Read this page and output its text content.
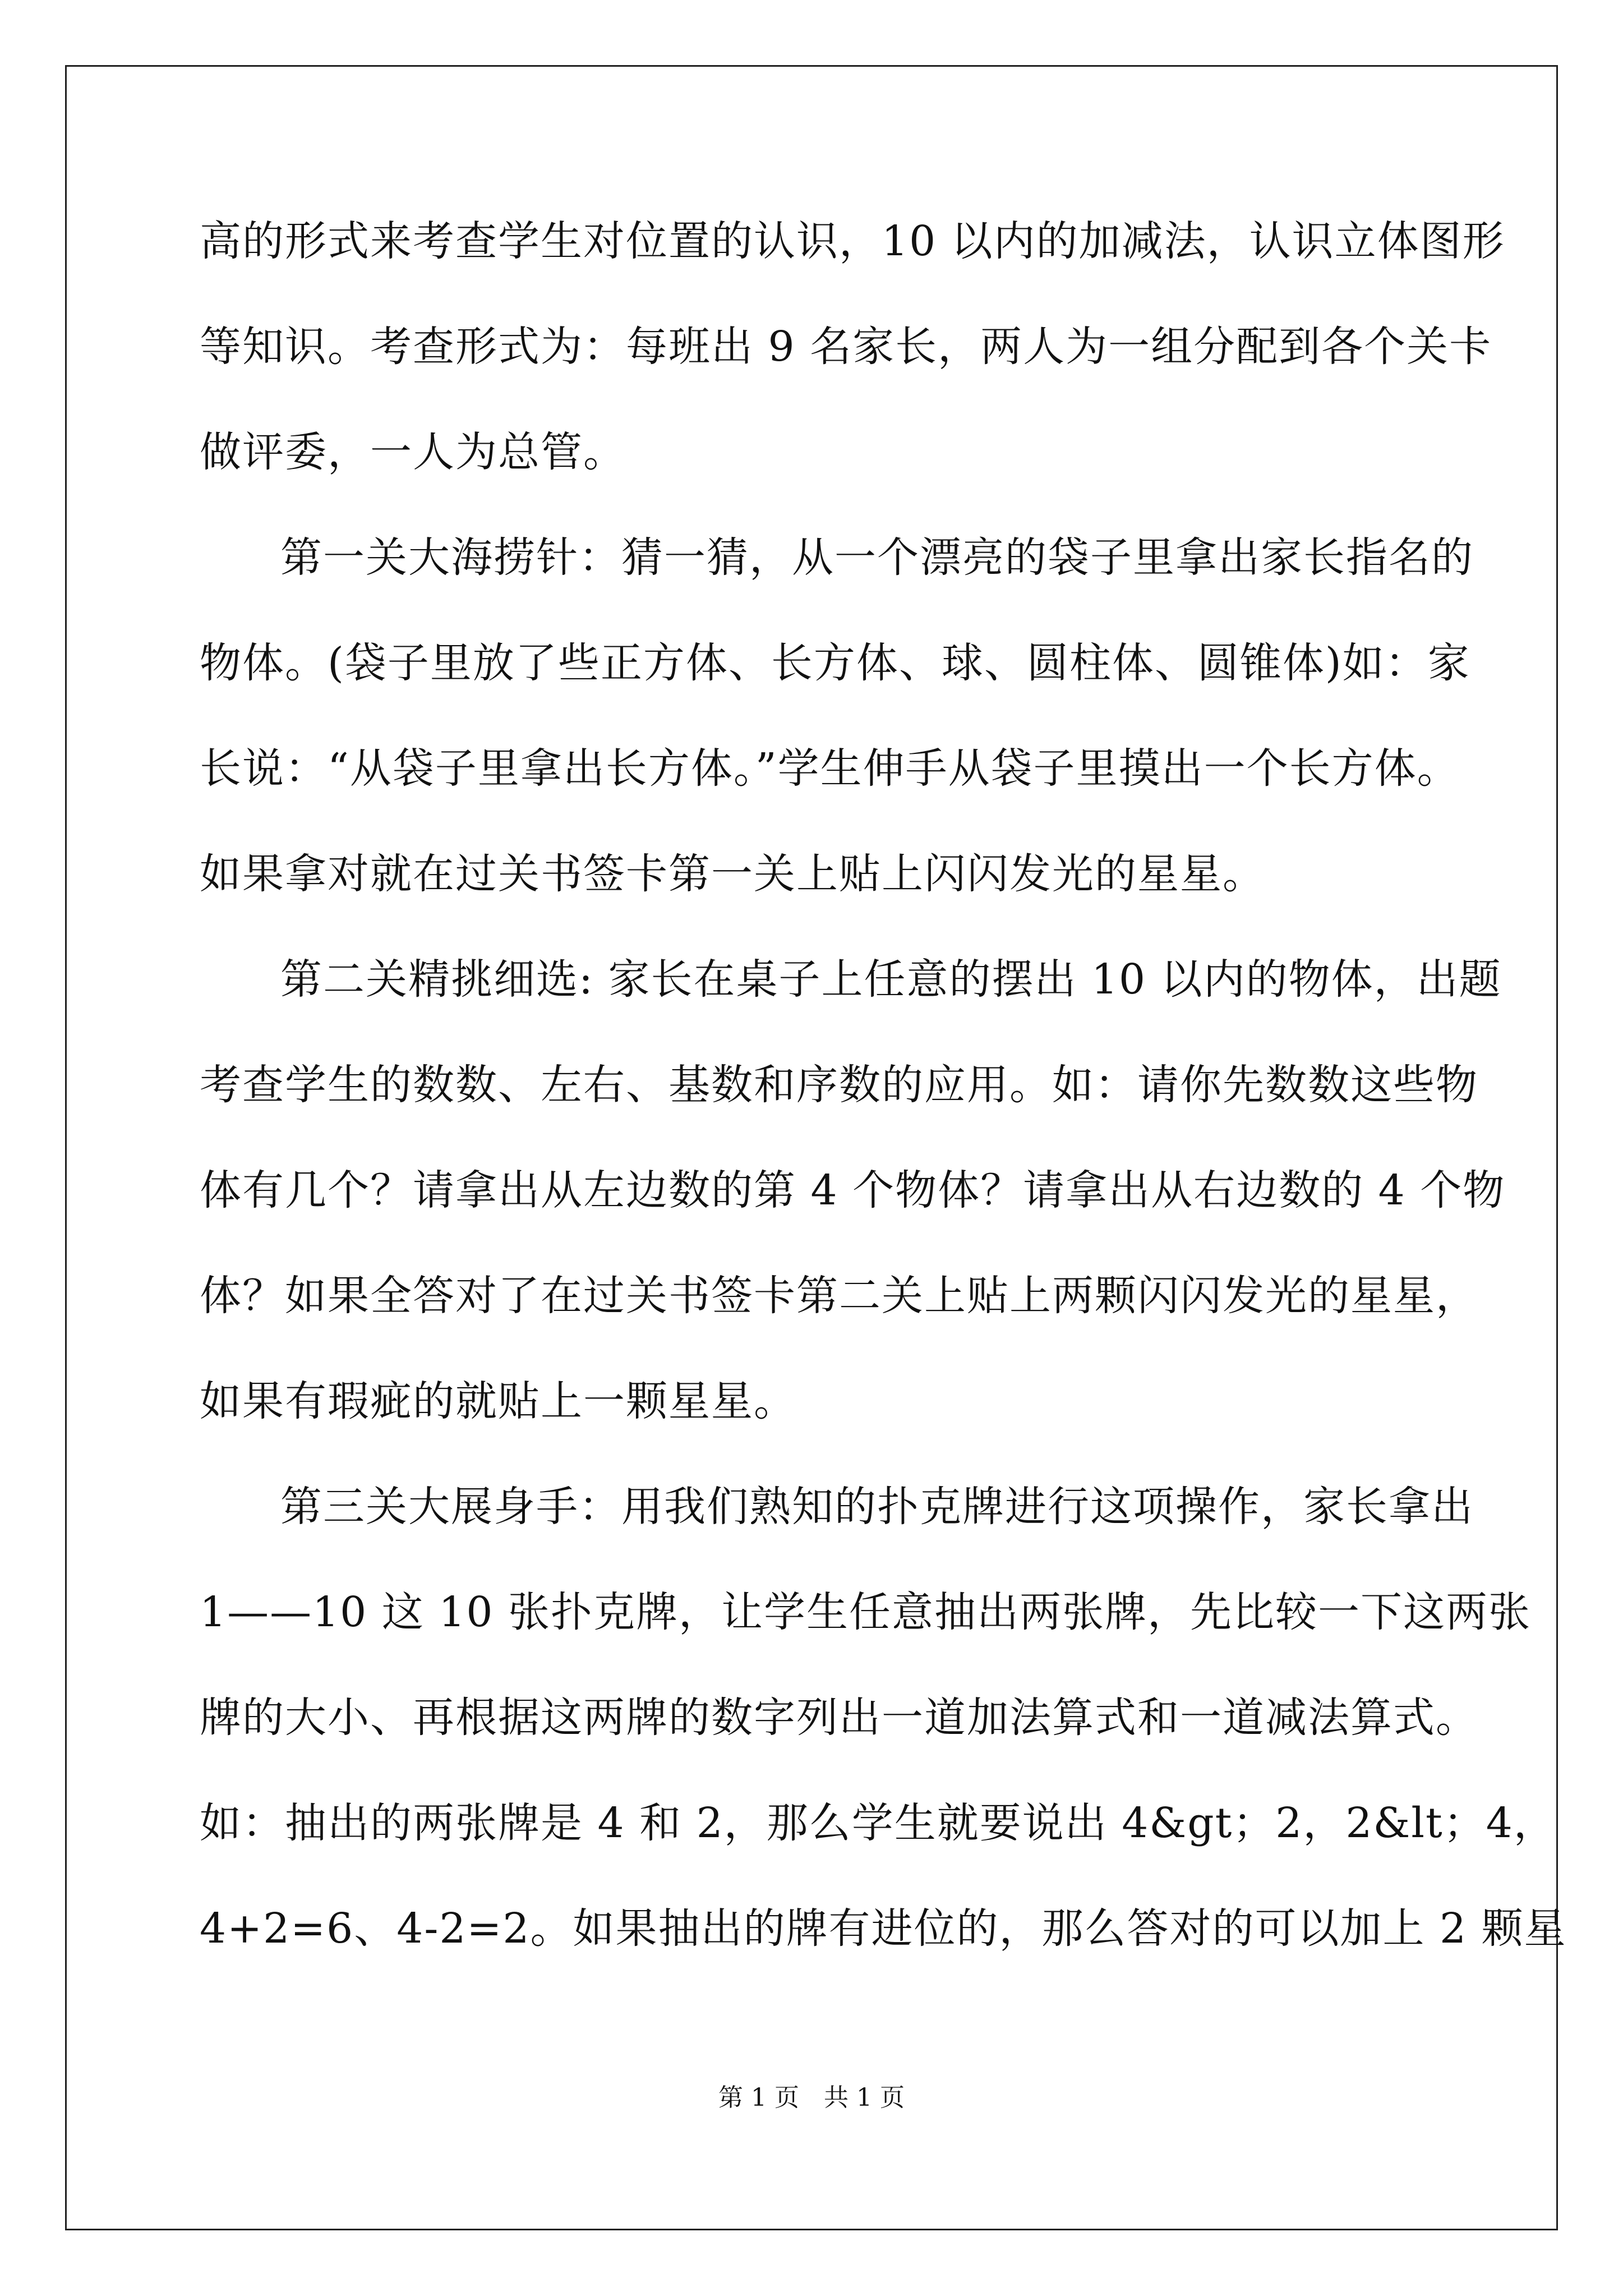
高的形式来考查学生对位置的认识，10 以内的加减法，认识立体图形
等知识。考查形式为：每班出 9 名家长，两人为一组分配到各个关卡
做评委，一人为总管。
第一关大海捞针：猜一猜，从一个漂亮的袋子里拿出家长指名的
物体。(袋子里放了些正方体、长方体、球、圆柱体、圆锥体)如：家
长说：“从袋子里拿出长方体。”学生伸手从袋子里摸出一个长方体。
如果拿对就在过关书签卡第一关上贴上闪闪发光的星星。
第二关精挑细选: 家长在桌子上任意的摆出 10 以内的物体，出题
考查学生的数数、左右、基数和序数的应用。如：请你先数数这些物
体有几个？请拿出从左边数的第 4 个物体？请拿出从右边数的 4 个物
体？如果全答对了在过关书签卡第二关上贴上两颗闪闪发光的星星，
如果有瑕疵的就贴上一颗星星。
第三关大展身手：用我们熟知的扑克牌进行这项操作，家长拿出
1——10 这 10 张扑克牌，让学生任意抽出两张牌，先比较一下这两张
牌的大小、再根据这两牌的数字列出一道加法算式和一道减法算式。
如：抽出的两张牌是 4 和 2，那么学生就要说出 4&gt；2，2&lt；4，
4+2=6、4-2=2。如果抽出的牌有进位的，那么答对的可以加上 2 颗星
第 1 页　共 1 页
